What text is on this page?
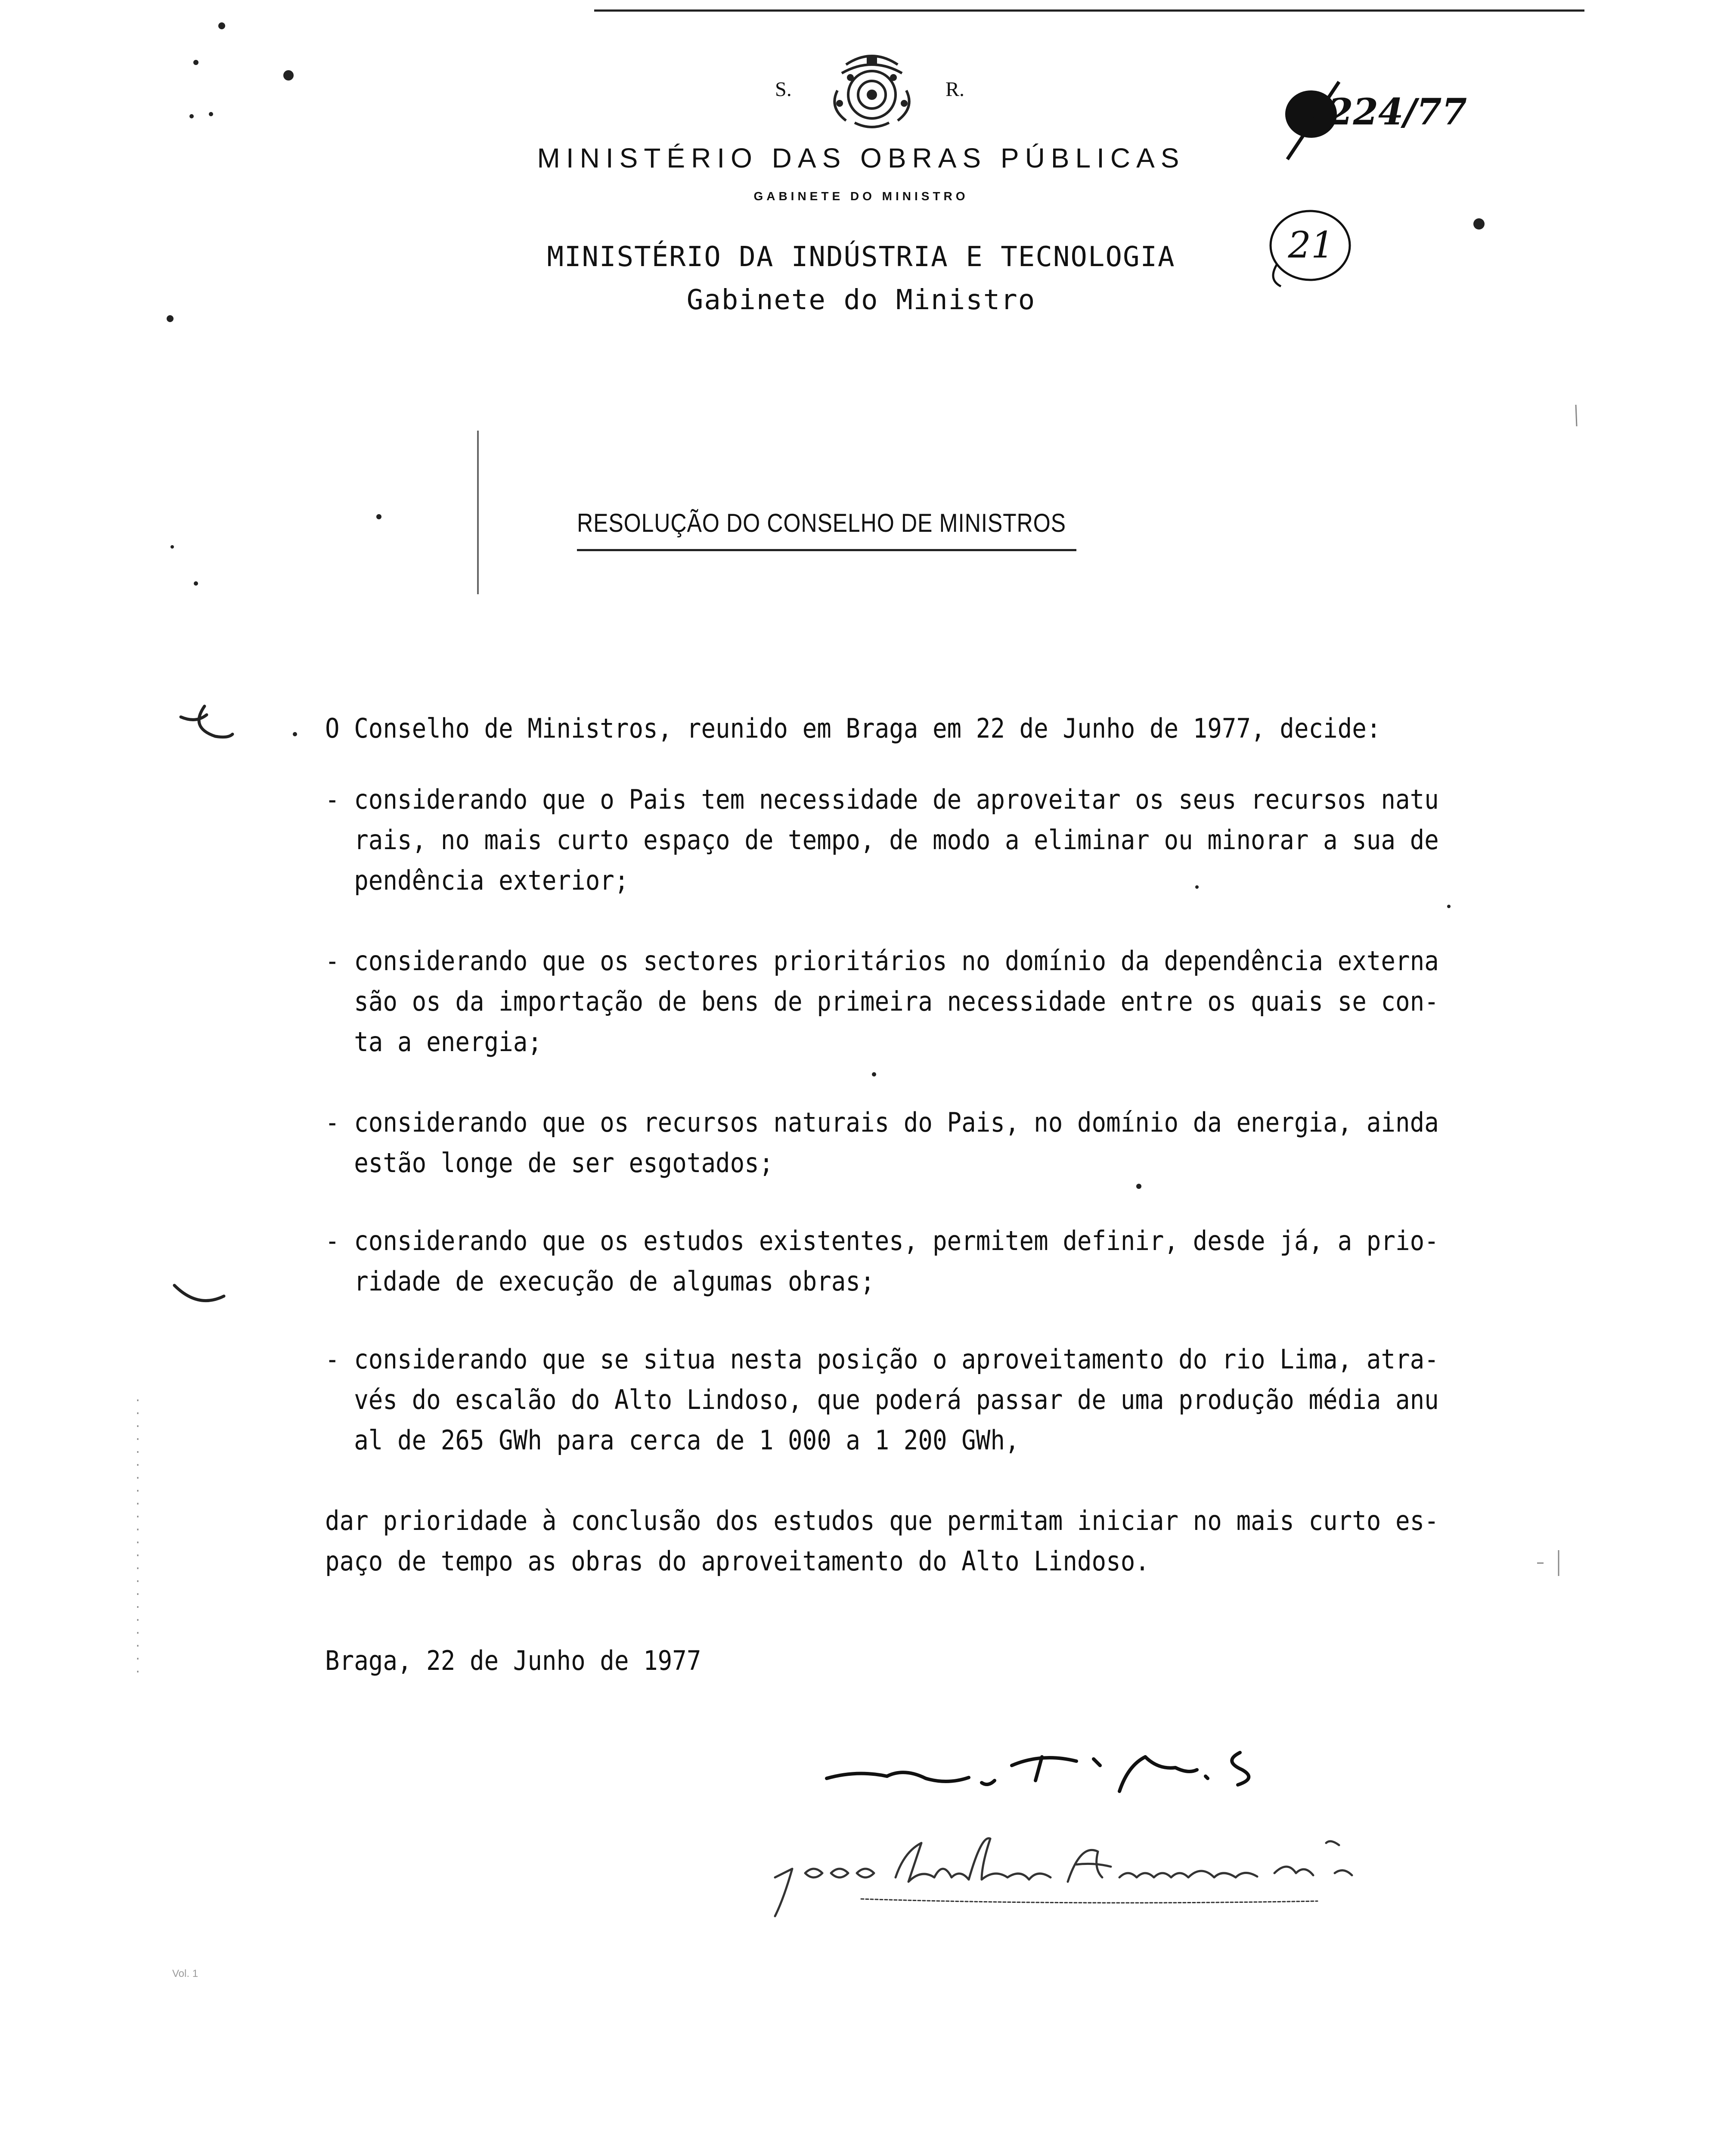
S.	R.
MINISTÉRIO DAS OBRAS PÚBLICAS
GABINETE DO MINISTRO
MINISTÉRIO DA INDÚSTRIA E TECNOLOGIA
Gabinete do Ministro
- 224/77
21
RESOLUÇÃO DO CONSELHO DE MINISTROS
O Conselho de Ministros, reunido em Braga em 22 de Junho de 1977, decide:
- considerando que o Pais tem necessidade de aproveitar os seus recursos natu
rais, no mais curto espaço de tempo, de modo a eliminar ou minorar a sua de
pendência exterior;
- considerando que os sectores prioritários no domínio da dependência externa
são os da importação de bens de primeira necessidade entre os quais se con-
ta a energia;
- considerando que os recursos naturais do Pais, no domínio da energia, ainda
estão longe de ser esgotados;
- considerando que os estudos existentes, permitem definir, desde já, a prio-
ridade de execução de algumas obras;
- considerando que se situa nesta posição o aproveitamento do rio Lima, atra-
vés do escalão do Alto Lindoso, que poderá passar de uma produção média anu
al de 265 GWh para cerca de 1 000 a 1 200 GWh,
dar prioridade à conclusão dos estudos que permitam iniciar no mais curto es-
paço de tempo as obras do aproveitamento do Alto Lindoso.
Braga, 22 de Junho de 1977
Vol. 1
